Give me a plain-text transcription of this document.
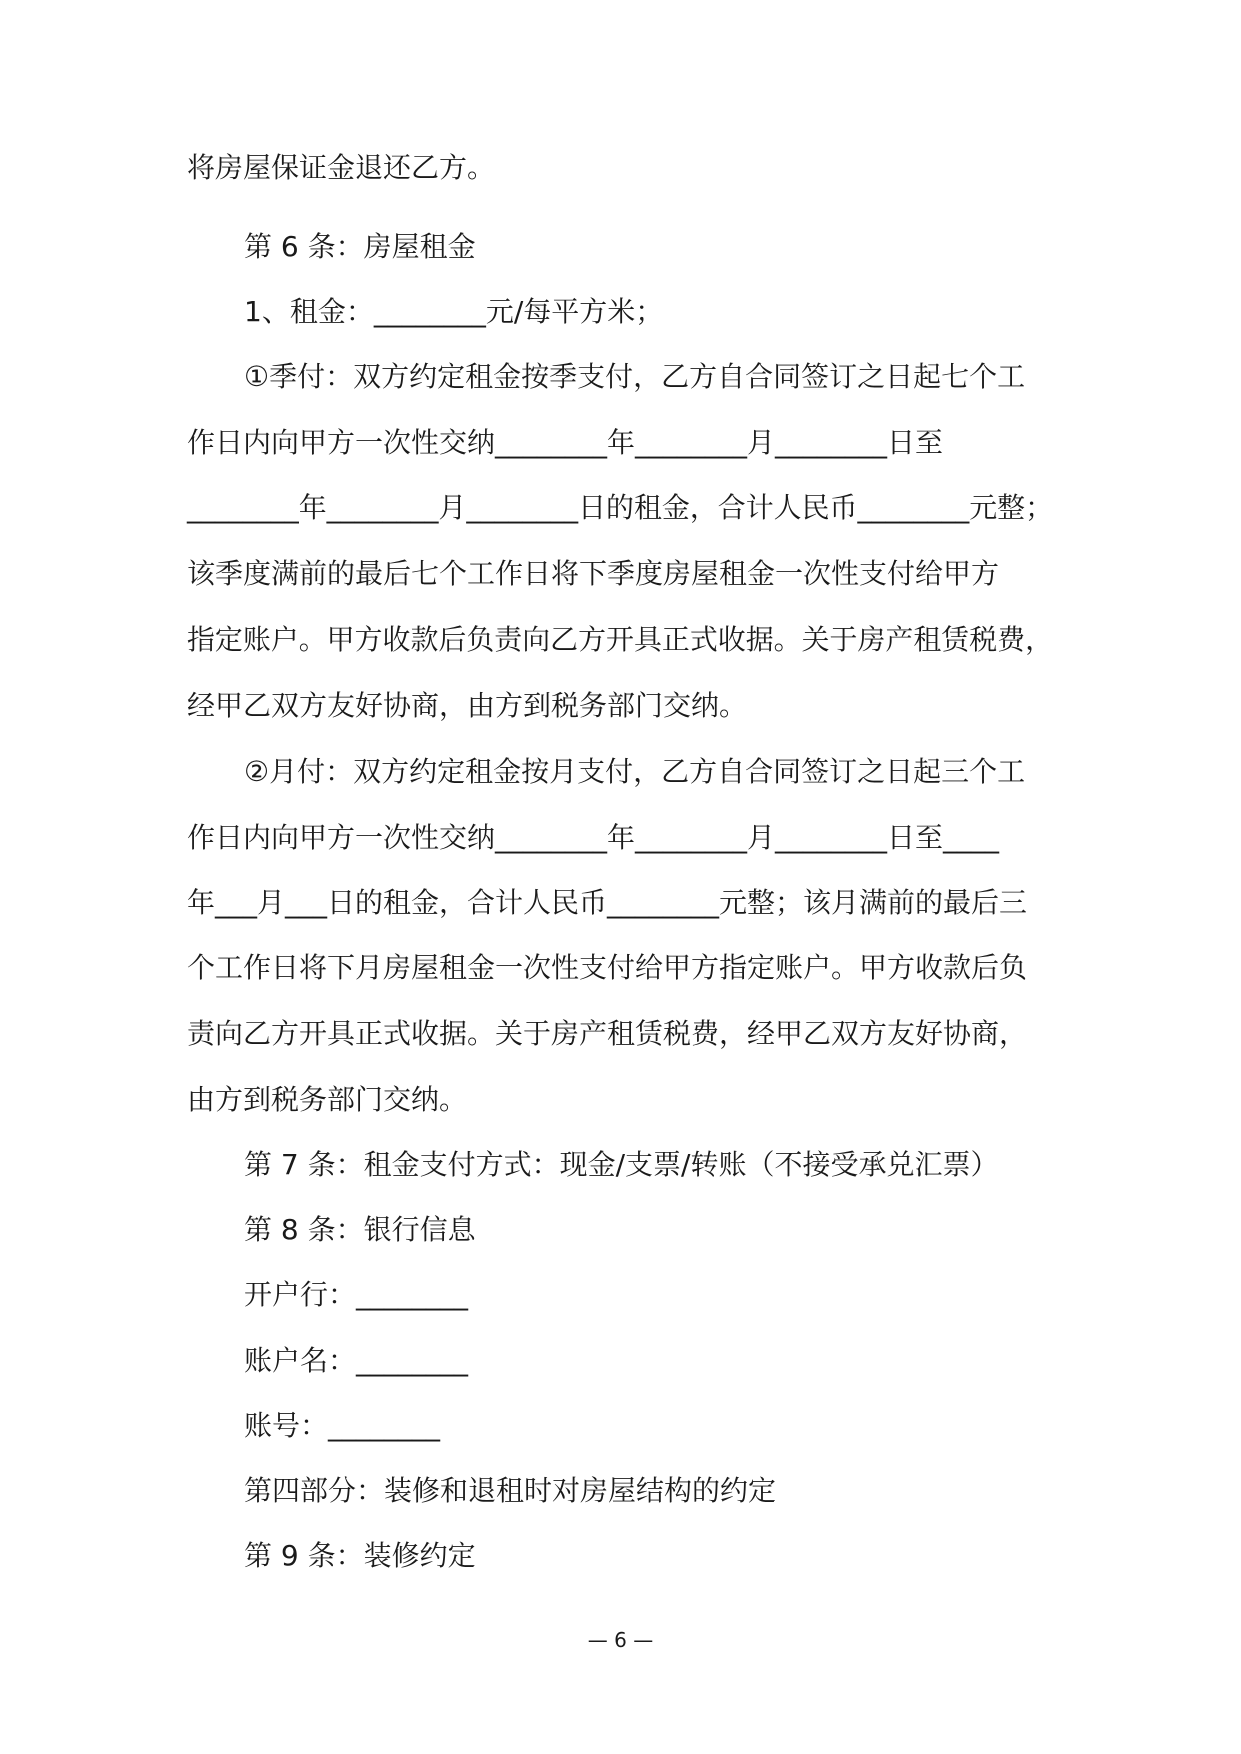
将房屋保证金退还乙方。
第 6 条：房屋租金
1、租金：________元/每平方米；
①季付：双方约定租金按季支付，乙方自合同签订之日起七个工
作日内向甲方一次性交纳________年________月________日至
________年________月________日的租金，合计人民币________元整；
该季度满前的最后七个工作日将下季度房屋租金一次性支付给甲方
指定账户。甲方收款后负责向乙方开具正式收据。关于房产租赁税费，
经甲乙双方友好协商，由方到税务部门交纳。
②月付：双方约定租金按月支付，乙方自合同签订之日起三个工
作日内向甲方一次性交纳________年________月________日至____
年___月___日的租金，合计人民币________元整；该月满前的最后三
个工作日将下月房屋租金一次性支付给甲方指定账户。甲方收款后负
责向乙方开具正式收据。关于房产租赁税费，经甲乙双方友好协商，
由方到税务部门交纳。
第 7 条：租金支付方式：现金/支票/转账（不接受承兑汇票）
第 8 条：银行信息
开户行：________
账户名：________
账号：________
第四部分：装修和退租时对房屋结构的约定
第 9 条：装修约定
— 6 —
